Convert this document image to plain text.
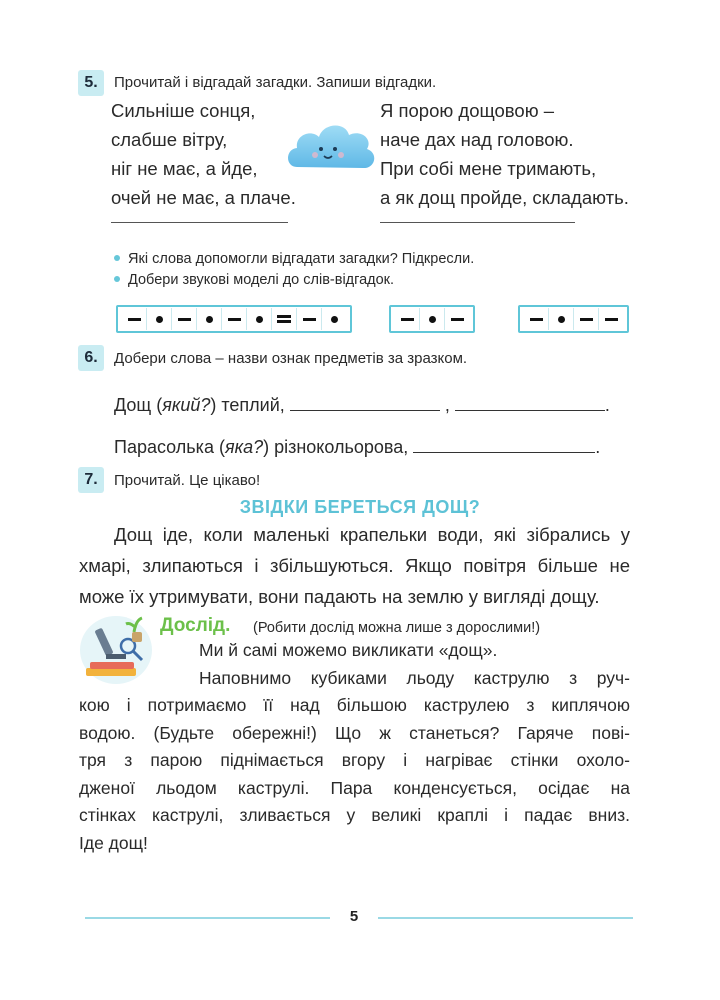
5.	Прочитай і відгадай загадки. Запиши відгадки.
Сильніше сонця,
слабше вітру,
ніг не має, а йде,
очей не має, а плаче.
Я порою дощовою –
наче дах над головою.
При собі мене тримають,
а як дощ пройде, складають.
Які слова допомогли відгадати загадки? Підкресли.
Добери звукові моделі до слів-відгадок.
6.	Добери слова – назви ознак предметів за зразком.
Дощ (який?) теплий,	,	.
Парасолька (яка?) різнокольорова,	.
7.	Прочитай. Це цікаво!
ЗВІДКИ БЕРЕТЬСЯ ДОЩ?
Дощ іде, коли маленькі крапельки води, які зібрались у
хмарі, злипаються і збільшуються. Якщо повітря більше не
може їх утримувати, вони падають на землю у вигляді дощу.
Дослід. (Робити дослід можна лише з дорослими!)
Ми й самі можемо викликати «дощ».
Наповнимо кубиками льоду каструлю з руч-
кою і потримаємо її над більшою каструлею з киплячою
водою. (Будьте обережні!) Що ж станеться? Гаряче пові-
тря з парою піднімається вгору і нагріває стінки охоло-
дженої льодом каструлі. Пара конденсується, осідає на
стінках каструлі, зливається у великі краплі і падає вниз.
Іде дощ!
5
